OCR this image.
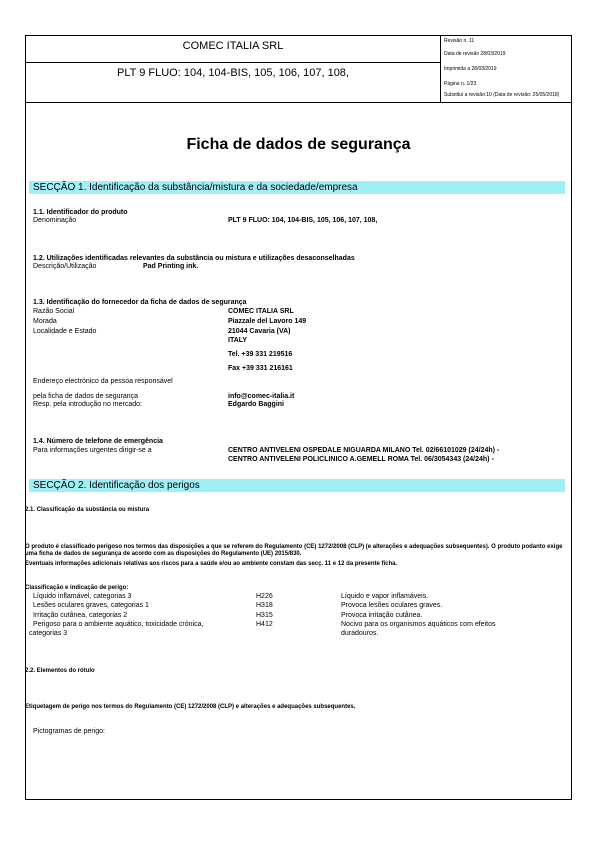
COMEC ITALIA SRL
PLT 9 FLUO: 104, 104-BIS, 105, 106, 107, 108,
Revisão n. 11
Data de revisão 28/03/2019
Imprimida a 28/03/2019
Página n. 1/23
Substitui a revisão:10 (Data de revisão: 25/05/2018)
Ficha de dados de segurança
SECÇÃO 1. Identificação da substância/mistura e da sociedade/empresa
1.1. Identificador do produto
Denominação	PLT 9 FLUO: 104, 104-BIS, 105, 106, 107, 108,
1.2. Utilizações identificadas relevantes da substância ou mistura e utilizações desaconselhadas
Descrição/Utilização	Pad Printing ink.
1.3. Identificação do fornecedor da ficha de dados de segurança
Razão Social	COMEC ITALIA SRL
Morada	Piazzale del Lavoro 149
Localidade e Estado	21044 Cavaria (VA)
ITALY
Tel. +39 331 219516
Fax +39 331 216161
Endereço electrónico da pessoa responsável
pela ficha de dados de segurança	info@comec-italia.it
Resp. pela introdução no mercado:	Edgardo Baggini
1.4. Número de telefone de emergência
Para informações urgentes dirigir-se a	CENTRO ANTIVELENI OSPEDALE NIGUARDA MILANO Tel. 02/66101029 (24/24h) -
CENTRO ANTIVELENI POLICLINICO A.GEMELL ROMA Tel. 06/3054343 (24/24h) -
SECÇÃO 2. Identificação dos perigos
2.1. Classificação da substância ou mistura
O produto é classificado perigoso nos termos das disposições a que se referem do Regulamento (CE) 1272/2008 (CLP) (e alterações e adequações subsequentes). O produto podanto exige uma ficha de dados de segurança de acordo com as disposições do Regulamento (UE) 2015/830.
Eventuais informações adicionais relativas aos riscos para a saúde e/ou ao ambiente constam das secç. 11 e 12 da presente ficha.
Classificação e indicação de perigo:
Líquido inflamável, categorias 3	H226	Líquido e vapor inflamáveis.
Lesões oculares graves, categorias 1	H318	Provoca lesões oculares graves.
Irritação cutânea, categorias 2	H315	Provoca irritação cutânea.
Perigoso para o ambiente aquático, toxicidade crónica,	H412	Nocivo para os organismos aquáticos com efeitos
categorias 3	duradouros.
2.2. Elementos do rótulo
Etiquetagem de perigo nos termos do Regulamento (CE) 1272/2008 (CLP) e alterações e adequações subsequentes.
Pictogramas de perigo:
